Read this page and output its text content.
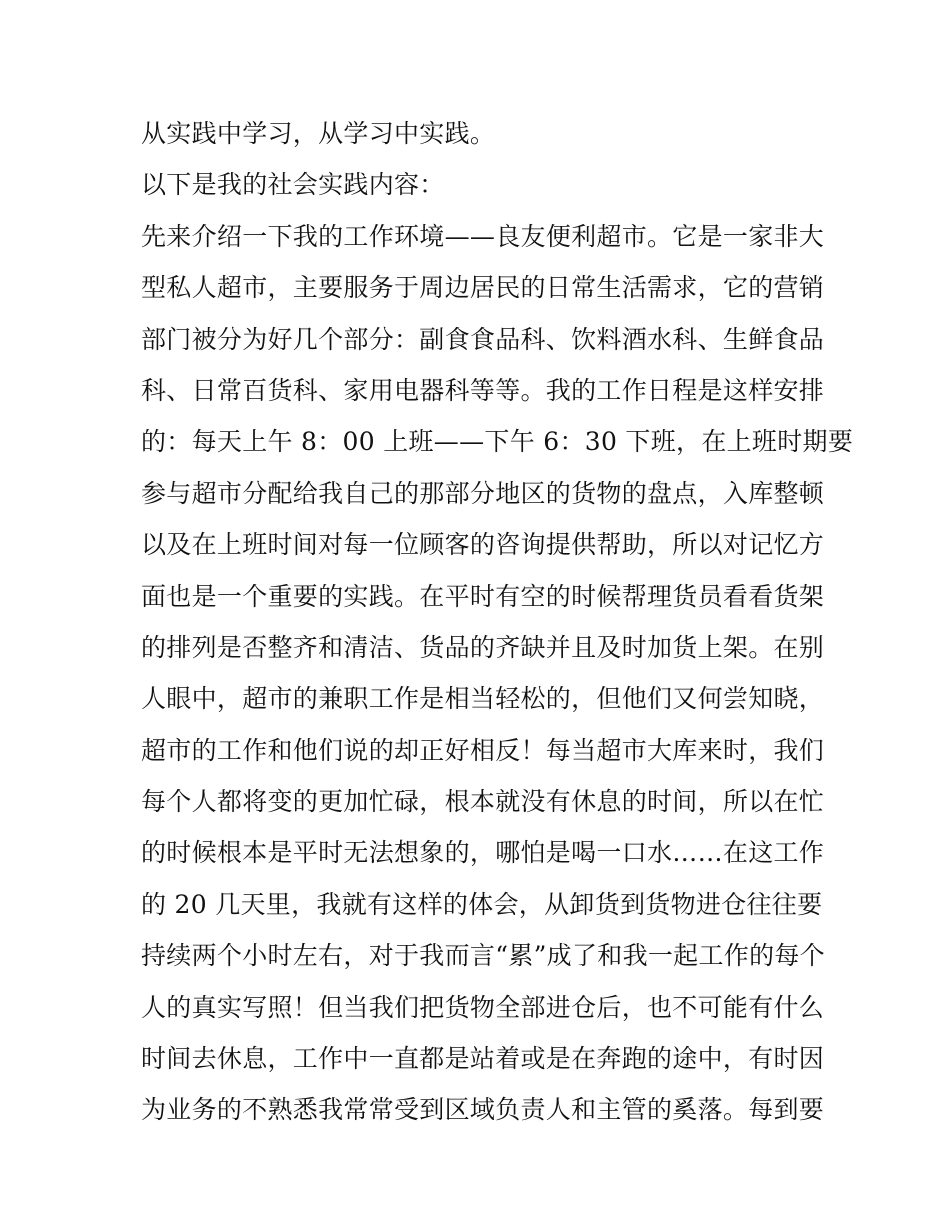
从实践中学习，从学习中实践。
以下是我的社会实践内容：
先来介绍一下我的工作环境——良友便利超市。它是一家非大
型私人超市，主要服务于周边居民的日常生活需求，它的营销
部门被分为好几个部分：副食食品科、饮料酒水科、生鲜食品
科、日常百货科、家用电器科等等。我的工作日程是这样安排
的：每天上午 8：00 上班——下午 6：30 下班，在上班时期要
参与超市分配给我自己的那部分地区的货物的盘点，入库整顿
以及在上班时间对每一位顾客的咨询提供帮助，所以对记忆方
面也是一个重要的实践。在平时有空的时候帮理货员看看货架
的排列是否整齐和清洁、货品的齐缺并且及时加货上架。在别
人眼中，超市的兼职工作是相当轻松的，但他们又何尝知晓，
超市的工作和他们说的却正好相反！每当超市大库来时，我们
每个人都将变的更加忙碌，根本就没有休息的时间，所以在忙
的时候根本是平时无法想象的，哪怕是喝一口水……在这工作
的 20 几天里，我就有这样的体会，从卸货到货物进仓往往要
持续两个小时左右，对于我而言“累”成了和我一起工作的每个
人的真实写照！但当我们把货物全部进仓后，也不可能有什么
时间去休息，工作中一直都是站着或是在奔跑的途中，有时因
为业务的不熟悉我常常受到区域负责人和主管的奚落。每到要
